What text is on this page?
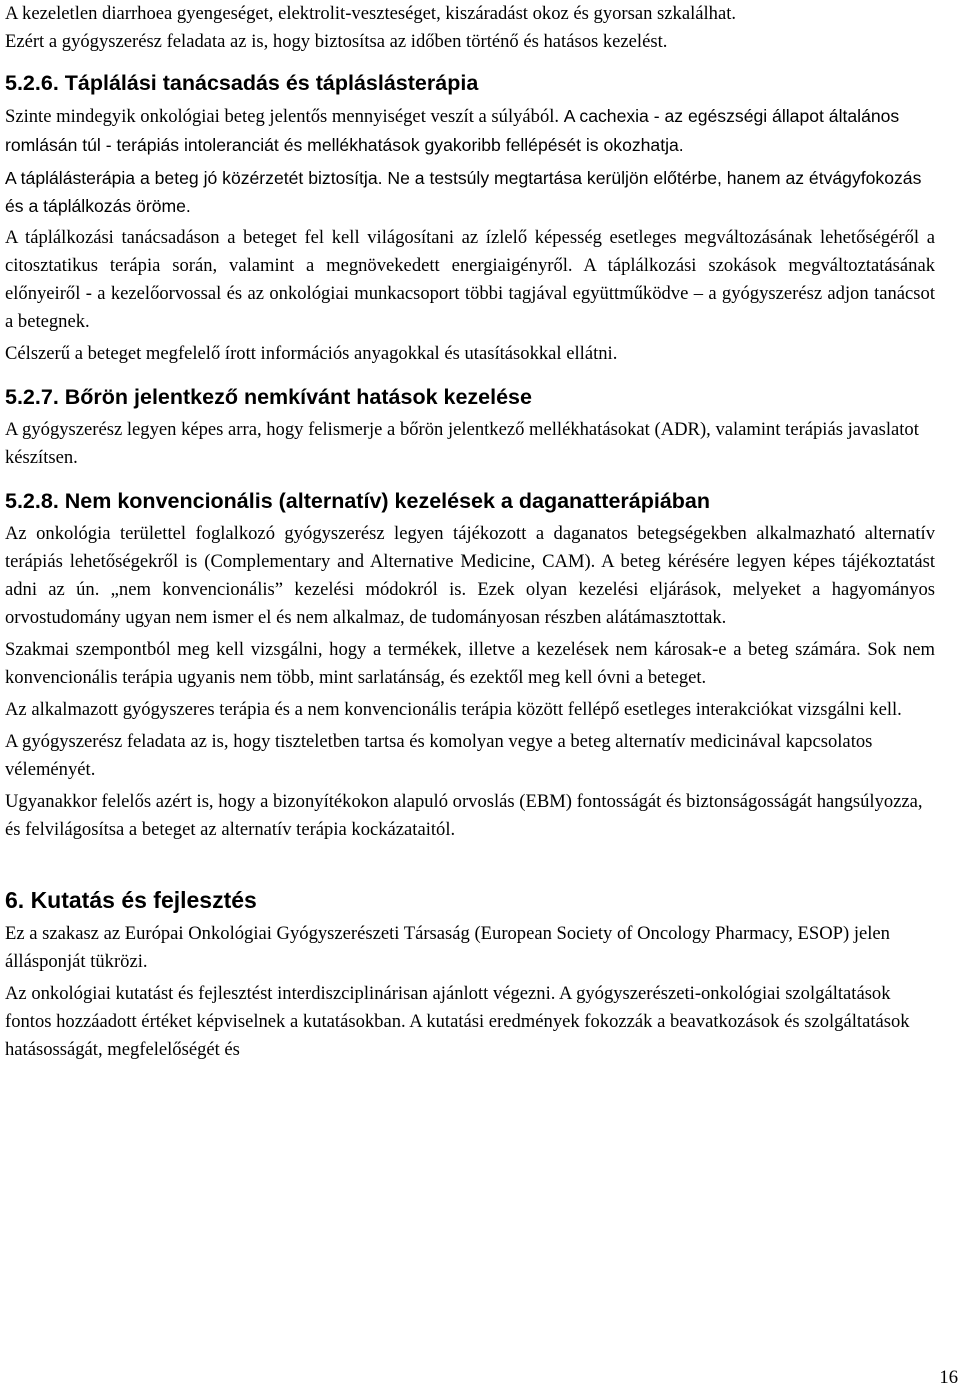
A kezeletlen diarrhoea gyengeséget, elektrolit-veszteséget, kiszáradást okoz és gyorsan szkalálhat.

Ezért a gyógyszerész feladata az is, hogy biztosítsa az időben történő és hatásos kezelést.

5.2.6. Táplálási tanácsadás és tápláslásterápia

Szinte mindegyik onkológiai beteg jelentős mennyiséget veszít a súlyából. A cachexia - az egészségi állapot általános romlásán túl - terápiás intoleranciát és mellékhatások gyakoribb fellépését is okozhatja.

A táplálásterápia a beteg jó közérzetét biztosítja. Ne a testsúly megtartása kerüljön előtérbe, hanem az étvágyfokozás és a táplálkozás öröme.

A táplálkozási tanácsadáson a beteget fel kell világosítani az ízlelő képesség esetleges megváltozásának lehetőségéről a citosztatikus terápia során, valamint a megnövekedett energiaigényről. A táplálkozási szokások megváltoztatásának előnyeiről - a kezelőorvossal és az onkológiai munkacsoport többi tagjával együttműködve – a gyógyszerész adjon tanácsot a betegnek.

Célszerű a beteget megfelelő írott információs anyagokkal és utasításokkal ellátni.

5.2.7. Bőrön jelentkező nemkívánt hatások kezelése

A gyógyszerész legyen képes arra, hogy felismerje a bőrön jelentkező mellékhatásokat (ADR), valamint terápiás javaslatot készítsen.

5.2.8. Nem konvencionális (alternatív) kezelések a daganatterápiában

Az onkológia területtel foglalkozó gyógyszerész legyen tájékozott a daganatos betegségekben alkalmazható alternatív terápiás lehetőségekről is (Complementary and Alternative Medicine, CAM). A beteg kérésére legyen képes tájékoztatást adni az ún. „nem konvencionális” kezelési módokról is. Ezek olyan kezelési eljárások, melyeket a hagyományos orvostudomány ugyan nem ismer el és nem alkalmaz, de tudományosan részben alátámasztottak.

Szakmai szempontból meg kell vizsgálni, hogy a termékek, illetve a kezelések nem károsak-e a beteg számára. Sok nem konvencionális terápia ugyanis nem több, mint sarlatánság, és ezektől meg kell óvni a beteget.

Az alkalmazott gyógyszeres terápia és a nem konvencionális terápia között fellépő esetleges interakciókat vizsgálni kell.

A gyógyszerész feladata az is, hogy tiszteletben tartsa és komolyan vegye a beteg alternatív medicinával kapcsolatos véleményét.

Ugyanakkor felelős azért is, hogy a bizonyítékokon alapuló orvoslás (EBM) fontosságát és biztonságosságát hangsúlyozza, és felvilágosítsa a beteget az alternatív terápia kockázataitól.

6. Kutatás és fejlesztés

Ez a szakasz az Európai Onkológiai Gyógyszerészeti Társaság (European Society of Oncology Pharmacy, ESOP) jelen állásponját tükrözi.

Az onkológiai kutatást és fejlesztést interdiszciplinárisan ajánlott végezni. A gyógyszerészeti-onkológiai szolgáltatások fontos hozzáadott értéket képviselnek a kutatásokban. A kutatási eredmények fokozzák a beavatkozások és szolgáltatások hatásosságát, megfelelőségét és

16
